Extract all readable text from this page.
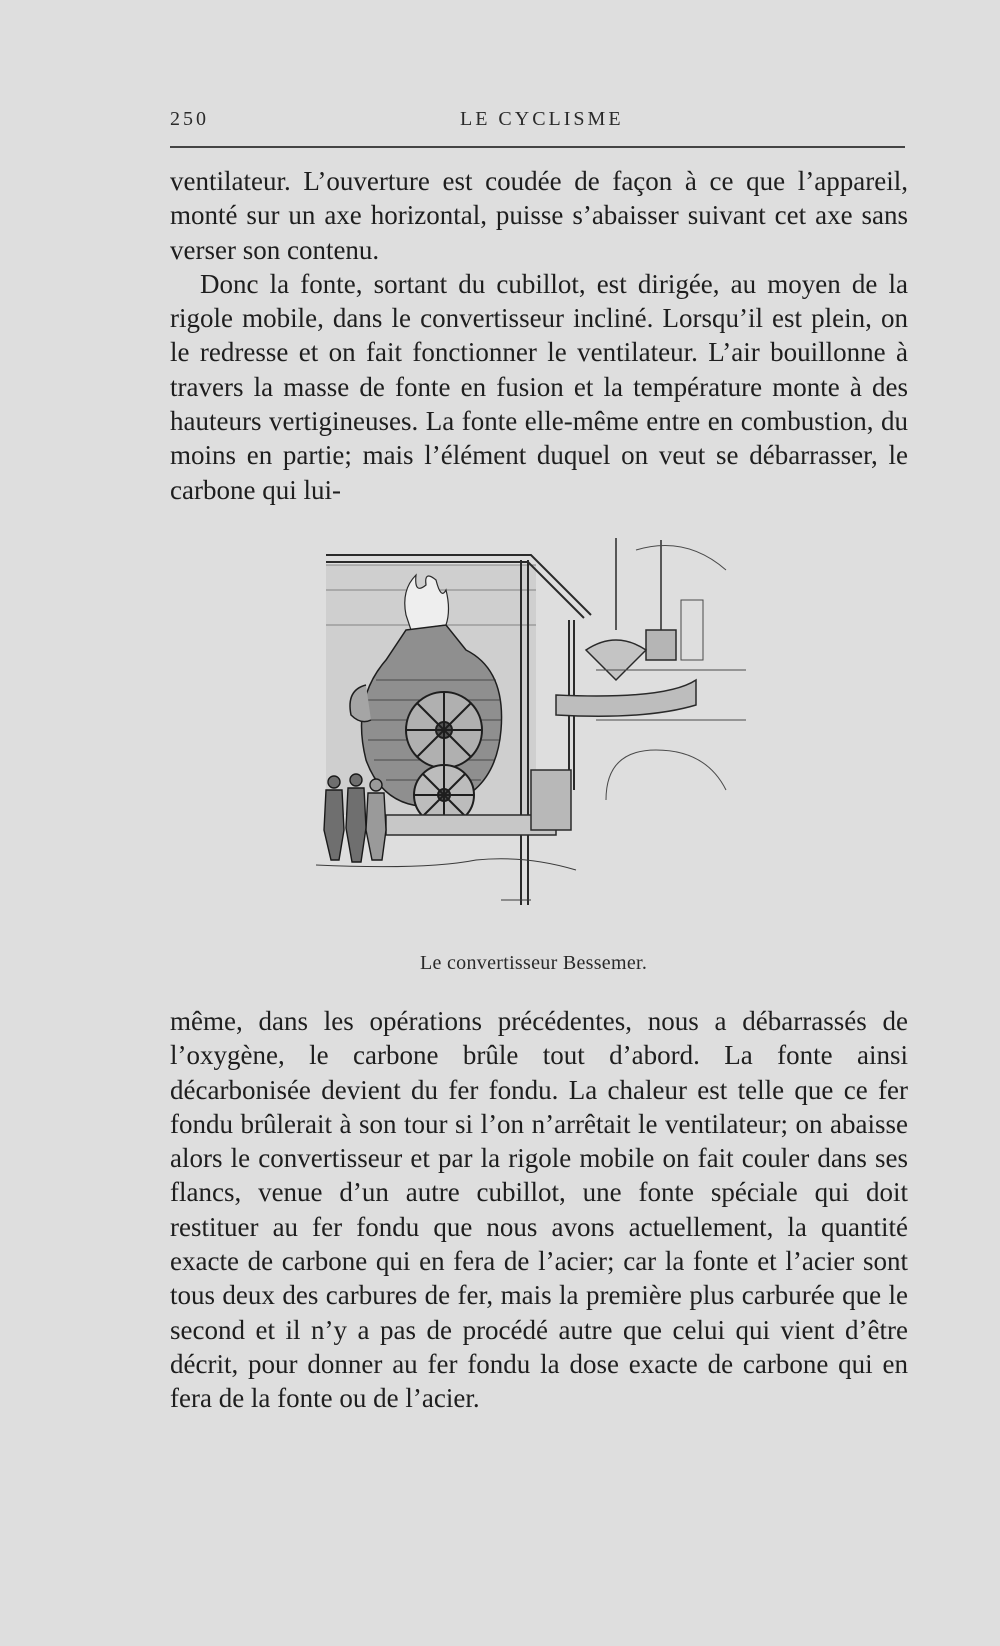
250	LE CYCLISME

ventilateur. L’ouverture est coudée de façon à ce que l’appareil, monté sur un axe horizontal, puisse s’abaisser suivant cet axe sans verser son contenu.

Donc la fonte, sortant du cubillot, est dirigée, au moyen de la rigole mobile, dans le convertisseur incliné. Lorsqu’il est plein, on le redresse et on fait fonctionner le ventilateur. L’air bouillonne à travers la masse de fonte en fusion et la température monte à des hauteurs vertigineuses. La fonte elle-même entre en combustion, du moins en partie; mais l’élément duquel on veut se débarrasser, le carbone qui lui-

Le convertisseur Bessemer.

même, dans les opérations précédentes, nous a débarrassés de l’oxygène, le carbone brûle tout d’abord. La fonte ainsi décarbonisée devient du fer fondu. La chaleur est telle que ce fer fondu brûlerait à son tour si l’on n’arrêtait le ventilateur; on abaisse alors le convertisseur et par la rigole mobile on fait couler dans ses flancs, venue d’un autre cubillot, une fonte spéciale qui doit restituer au fer fondu que nous avons actuellement, la quantité exacte de carbone qui en fera de l’acier; car la fonte et l’acier sont tous deux des carbures de fer, mais la première plus carburée que le second et il n’y a pas de procédé autre que celui qui vient d’être décrit, pour donner au fer fondu la dose exacte de carbone qui en fera de la fonte ou de l’acier.
